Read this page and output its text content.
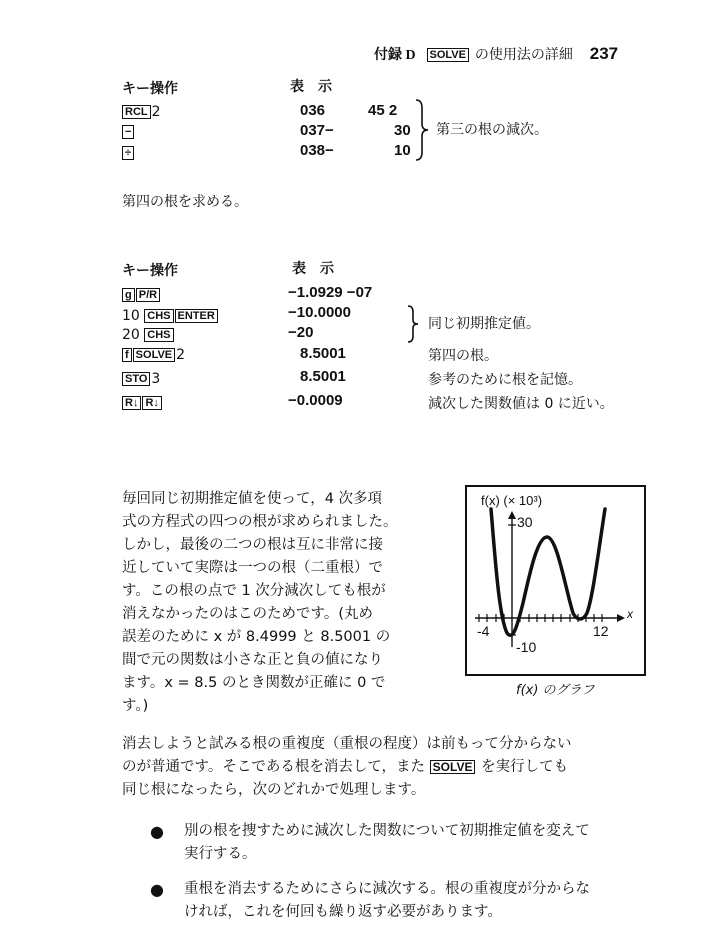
付録 D SOLVE の使用法の詳細 237
キー操作	表　示
RCL 2	036	45 2
−	037−	30
÷	038−	10
第三の根の減次。
第四の根を求める。
キー操作	表　示
g P/R	−1.0929 −07
10 CHS ENTER	−10.0000
20 CHS	−20	同じ初期推定値。
f SOLVE 2	8.5001	第四の根。
STO 3	8.5001	参考のために根を記憶。
R↓ R↓	−0.0009	減次した関数値は 0 に近い。
毎回同じ初期推定値を使って，4 次多項
式の方程式の四つの根が求められました。
しかし，最後の二つの根は互に非常に接
近していて実際は一つの根（二重根）で
す。この根の点で 1 次分減次しても根が
消えなかったのはこのためです。(丸め
誤差のために x が 8.4999 と 8.5001 の
間で元の関数は小さな正と負の値になり
ます。x = 8.5 のとき関数が正確に 0 で
す。)
f(x) (× 10³)
30
-10
-4	12
x
f(x) のグラフ
消去しようと試みる根の重複度（重根の程度）は前もって分からない
のが普通です。そこである根を消去して，また SOLVE を実行しても
同じ根になったら，次のどれかで処理します。
● 別の根を捜すために減次した関数について初期推定値を変えて
実行する。
● 重根を消去するためにさらに減次する。根の重複度が分からな
ければ，これを何回も繰り返す必要があります。
